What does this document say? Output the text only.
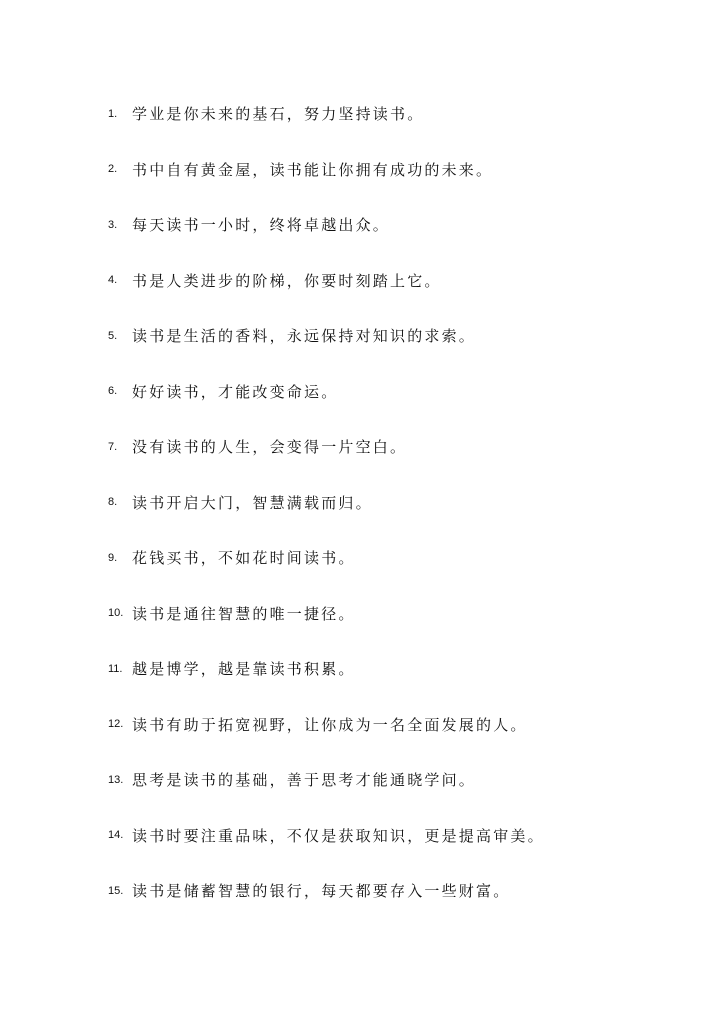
1. 学业是你未来的基石，努力坚持读书。
2. 书中自有黄金屋，读书能让你拥有成功的未来。
3. 每天读书一小时，终将卓越出众。
4. 书是人类进步的阶梯，你要时刻踏上它。
5. 读书是生活的香料，永远保持对知识的求索。
6. 好好读书，才能改变命运。
7. 没有读书的人生，会变得一片空白。
8. 读书开启大门，智慧满载而归。
9. 花钱买书，不如花时间读书。
10. 读书是通往智慧的唯一捷径。
11. 越是博学，越是靠读书积累。
12. 读书有助于拓宽视野，让你成为一名全面发展的人。
13. 思考是读书的基础，善于思考才能通晓学问。
14. 读书时要注重品味，不仅是获取知识，更是提高审美。
15. 读书是储蓄智慧的银行，每天都要存入一些财富。
